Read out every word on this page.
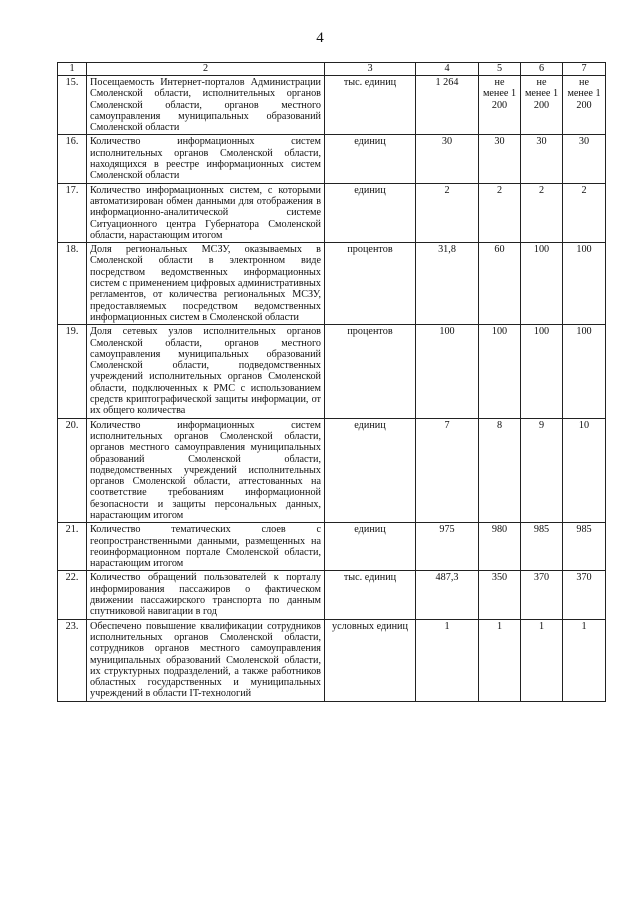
4
1	2	3	4	5	6	7
15.	Посещаемость Интернет-порталов Администрации Смоленской области, исполнительных органов Смоленской области, органов местного самоуправления муниципальных образований Смоленской области	тыс. единиц	1 264	не менее 1 200	не менее 1 200	не менее 1 200
16.	Количество информационных систем исполнительных органов Смоленской области, находящихся в реестре информационных систем Смоленской области	единиц	30	30	30	30
17.	Количество информационных систем, с которыми автоматизирован обмен данными для отображения в информационно-аналитической системе Ситуационного центра Губернатора Смоленской области, нарастающим итогом	единиц	2	2	2	2
18.	Доля региональных МСЗУ, оказываемых в Смоленской области в электронном виде посредством ведомственных информационных систем с применением цифровых административных регламентов, от количества региональных МСЗУ, предоставляемых посредством ведомственных информационных систем в Смоленской области	процентов	31,8	60	100	100
19.	Доля сетевых узлов исполнительных органов Смоленской области, органов местного самоуправления муниципальных образований Смоленской области, подведомственных учреждений исполнительных органов Смоленской области, подключенных к РМС с использованием средств криптографической защиты информации, от их общего количества	процентов	100	100	100	100
20.	Количество информационных систем исполнительных органов Смоленской области, органов местного самоуправления муниципальных образований Смоленской области, подведомственных учреждений исполнительных органов Смоленской области, аттестованных на соответствие требованиям информационной безопасности и защиты персональных данных, нарастающим итогом	единиц	7	8	9	10
21.	Количество тематических слоев с геопространственными данными, размещенных на геоинформационном портале Смоленской области, нарастающим итогом	единиц	975	980	985	985
22.	Количество обращений пользователей к порталу информирования пассажиров о фактическом движении пассажирского транспорта по данным спутниковой навигации в год	тыс. единиц	487,3	350	370	370
23.	Обеспечено повышение квалификации сотрудников исполнительных органов Смоленской области, сотрудников органов местного самоуправления муниципальных образований Смоленской области, их структурных подразделений, а также работников областных государственных и муниципальных учреждений в области IT-технологий	условных единиц	1	1	1	1
